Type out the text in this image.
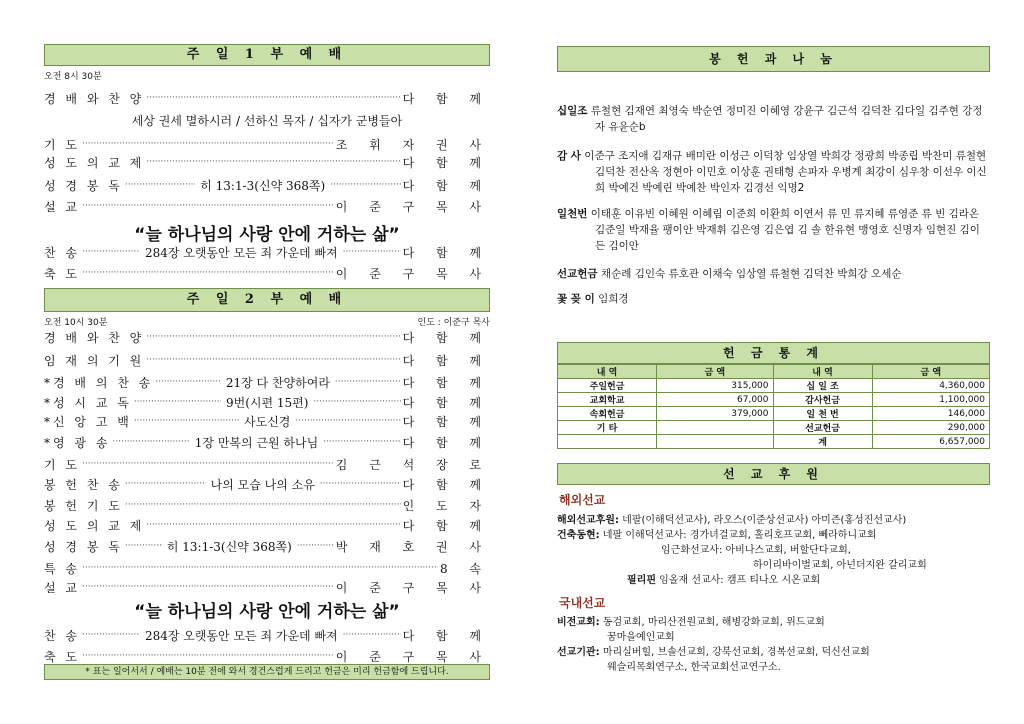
주 일 1 부 예 배
오전 8시 30분
경 배 와 찬 양 ·····	다 함 께
기 도 ·····	조 휘 자 권 사
성 도 의 교 제 ·····	다 함 께
성 경 봉 독 ·····	히 13:1-3(신약 368쪽) ·····	다 함 께
설 교 ·····	이 준 구 목 사
찬 송 ·····	284장 오랫동안 모든 죄 가운데 빠져 ·····	다 함 께
축 도 ·····	이 준 구 목 사
세상 권세 멸하시러 / 선하신 목자 / 십자가 군병들아
“늘 하나님의 사랑 안에 거하는 삶”
주 일 2 부 예 배
오전 10시 30분	인도 : 이준구 목사
경 배 와 찬 양 ·····	다 함 께
임 재 의 기 원 ·····	다 함 께
*경 배 의 찬 송 ·····	21장 다 찬양하여라 ·····	다 함 께
*성 시 교 독 ·····	9번(시편 15편) ·····	다 함 께
*신 앙 고 백 ·····	사도신경 ·····	다 함 께
*영 광 송 ·····	1장 만복의 근원 하나님 ·····	다 함 께
기 도 ·····	김 근 석 장 로
봉 헌 찬 송 ·····	나의 모습 나의 소유 ·····	다 함 께
봉 헌 기 도 ·····	인 도 자
성 도 의 교 제 ·····	다 함 께
성 경 봉 독 ·····	히 13:1-3(신약 368쪽) ·····	박 재 호 권 사
특 송 ·····	8 속
설 교 ·····	이 준 구 목 사
찬 송 ·····	284장 오랫동안 모든 죄 가운데 빠져 ·····	다 함 께
축 도 ·····	이 준 구 목 사
“늘 하나님의 사랑 안에 거하는 삶”
* 표는 일어서서 / 예배는 10분 전에 와서 경건스럽게 드리고 헌금은 미리 헌금함에 드립니다.
봉 헌 과 나 눔
십일조 류철현 김재연 최영숙 박순연 정미진 이혜영 강윤구 김근석 김덕찬 김다일 김주현 강정자 유윤순b
감 사 이준구 조지애 김재규 배미란 이성근 이덕창 임상열 박희강 정광희 박종립 박찬미 류철현 김덕찬 전산옥 정현아 이민호 이상훈 권태형 손파자 우병계 최강이 심우창 이선우 이신희 박예건 박예린 박예찬 박인자 김경선 익명2
일천번 이태훈 이유빈 이혜원 이혜림 이준희 이환희 이연서 류 민 류지혜 류영준 류 빈 김라온 김준일 박재율 팽이안 박재휘 김은영 김은엽 김 솔 한유현 맹영호 신명자 임현진 김이든 김이안
선교헌금 채순례 김인숙 류호관 이채숙 임상열 류철현 김덕찬 박희강 오세순
꽃 꽂 이 임희경
헌 금 통 계
내 역	금 액	내 역	금 액
주일헌금	315,000	십 일 조	4,360,000
교회학교	67,000	감사헌금	1,100,000
속회헌금	379,000	일 천 번	146,000
기 타		선교헌금	290,000
		계	6,657,000
선 교 후 원
해외선교
해외선교후원: 네팔(이해덕선교사), 라오스(이준상선교사) 아미즌(홍성진선교사)
건축동현: 네팔 이해덕선교사: 경가녀걸교회, 홀리호프교회, 뻬라하니교회
임근화선교사: 아비나스교회, 버할단다교회,
하이리바이벌교회, 아넌더지완 갈리교회
필리핀 임올재 선교사: 캠프 티나오 시온교회
국내선교
비전교회: 동검교회, 마리산전원교회, 해병강화교회, 위드교회
꿈마을예인교회
선교기관: 마리실버힐, 브솔선교회, 강북선교회, 경복선교회, 덕신선교회
웨슬리목회연구소, 한국교회선교연구소.
